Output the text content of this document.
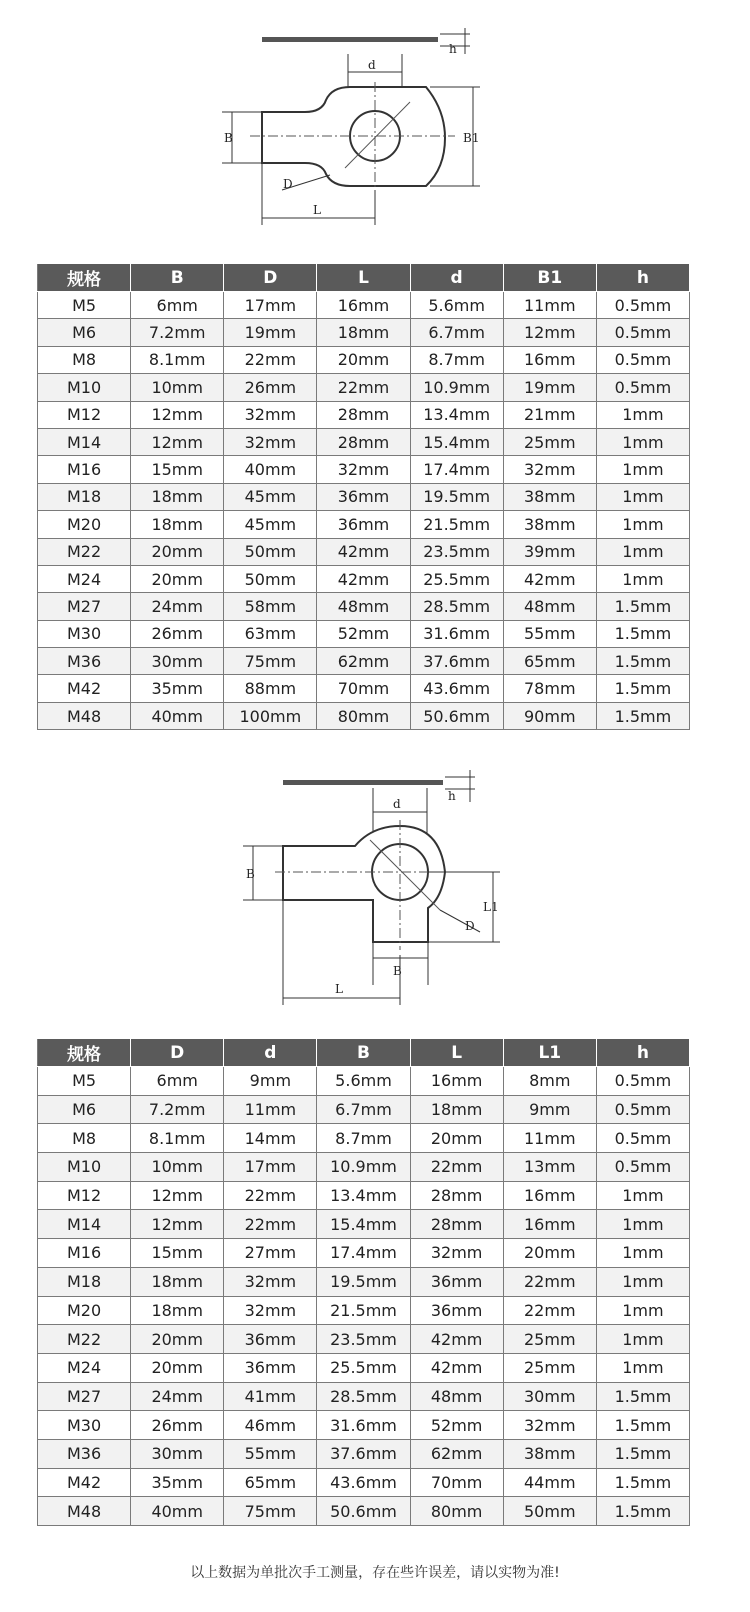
h
d
B	B1
D
L
规格	B	D	L	d	B1	h
M5	6mm	17mm	16mm	5.6mm	11mm	0.5mm
M6	7.2mm	19mm	18mm	6.7mm	12mm	0.5mm
M8	8.1mm	22mm	20mm	8.7mm	16mm	0.5mm
M10	10mm	26mm	22mm	10.9mm	19mm	0.5mm
M12	12mm	32mm	28mm	13.4mm	21mm	1mm
M14	12mm	32mm	28mm	15.4mm	25mm	1mm
M16	15mm	40mm	32mm	17.4mm	32mm	1mm
M18	18mm	45mm	36mm	19.5mm	38mm	1mm
M20	18mm	45mm	36mm	21.5mm	38mm	1mm
M22	20mm	50mm	42mm	23.5mm	39mm	1mm
M24	20mm	50mm	42mm	25.5mm	42mm	1mm
M27	24mm	58mm	48mm	28.5mm	48mm	1.5mm
M30	26mm	63mm	52mm	31.6mm	55mm	1.5mm
M36	30mm	75mm	62mm	37.6mm	65mm	1.5mm
M42	35mm	88mm	70mm	43.6mm	78mm	1.5mm
M48	40mm	100mm	80mm	50.6mm	90mm	1.5mm
h
d
B
L1
D
B
L
规格	D	d	B	L	L1	h
M5	6mm	9mm	5.6mm	16mm	8mm	0.5mm
M6	7.2mm	11mm	6.7mm	18mm	9mm	0.5mm
M8	8.1mm	14mm	8.7mm	20mm	11mm	0.5mm
M10	10mm	17mm	10.9mm	22mm	13mm	0.5mm
M12	12mm	22mm	13.4mm	28mm	16mm	1mm
M14	12mm	22mm	15.4mm	28mm	16mm	1mm
M16	15mm	27mm	17.4mm	32mm	20mm	1mm
M18	18mm	32mm	19.5mm	36mm	22mm	1mm
M20	18mm	32mm	21.5mm	36mm	22mm	1mm
M22	20mm	36mm	23.5mm	42mm	25mm	1mm
M24	20mm	36mm	25.5mm	42mm	25mm	1mm
M27	24mm	41mm	28.5mm	48mm	30mm	1.5mm
M30	26mm	46mm	31.6mm	52mm	32mm	1.5mm
M36	30mm	55mm	37.6mm	62mm	38mm	1.5mm
M42	35mm	65mm	43.6mm	70mm	44mm	1.5mm
M48	40mm	75mm	50.6mm	80mm	50mm	1.5mm
以上数据为单批次手工测量，存在些许误差，请以实物为准!
